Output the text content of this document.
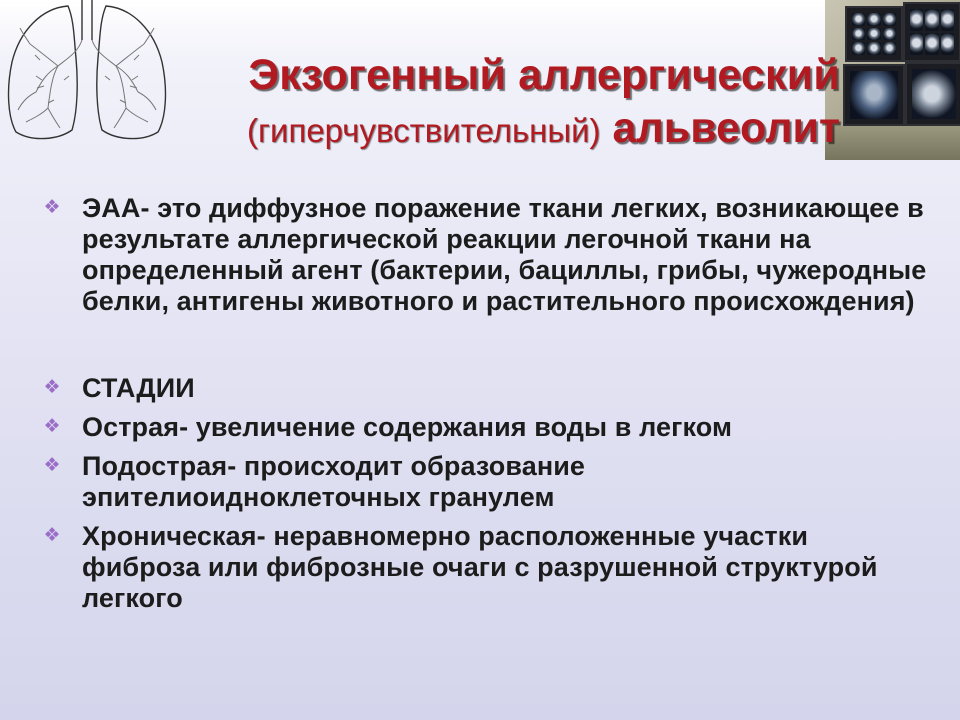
Экзогенный аллергический
(гиперчувствительный) альвеолит
❖ ЭАА- это диффузное поражение ткани легких, возникающее в результате аллергической реакции легочной ткани на определенный агент (бактерии, бациллы, грибы, чужеродные белки, антигены животного и растительного происхождения)
❖ СТАДИИ
❖ Острая- увеличение содержания воды в легком
❖ Подострая- происходит образование эпителиоидноклеточных гранулем
❖ Хроническая- неравномерно расположенные участки фиброза или фиброзные очаги с разрушенной структурой легкого
